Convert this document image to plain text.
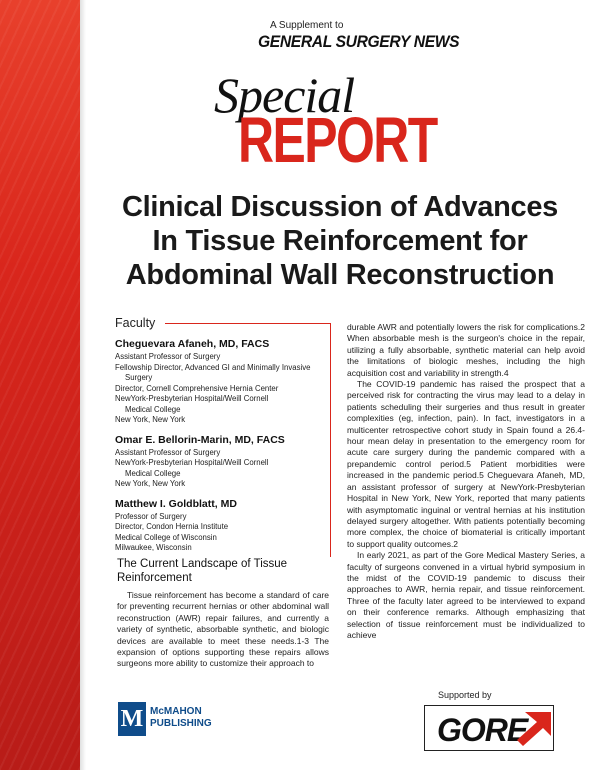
A Supplement to
GENERAL SURGERY NEWS
Special
REPORT
Clinical Discussion of Advances
In Tissue Reinforcement for
Abdominal Wall Reconstruction
Faculty
Cheguevara Afaneh, MD, FACS
Assistant Professor of Surgery
Fellowship Director, Advanced GI and Minimally Invasive
Surgery
Director, Cornell Comprehensive Hernia Center
NewYork-Presbyterian Hospital/Weill Cornell
Medical College
New York, New York
Omar E. Bellorin-Marin, MD, FACS
Assistant Professor of Surgery
NewYork-Presbyterian Hospital/Weill Cornell
Medical College
New York, New York
Matthew I. Goldblatt, MD
Professor of Surgery
Director, Condon Hernia Institute
Medical College of Wisconsin
Milwaukee, Wisconsin
The Current Landscape of Tissue Reinforcement

Tissue reinforcement has become a standard of care for preventing recurrent hernias or other abdominal wall reconstruction (AWR) repair failures, and currently a variety of synthetic, absorbable synthetic, and biologic devices are available to meet these needs.1-3 The expansion of options supporting these repairs allows surgeons more ability to customize their approach to

durable AWR and potentially lowers the risk for complications.2 When absorbable mesh is the surgeon's choice in the repair, utilizing a fully absorbable, synthetic material can help avoid the limitations of biologic meshes, including the high acquisition cost and variability in strength.4

The COVID-19 pandemic has raised the prospect that a perceived risk for contracting the virus may lead to a delay in patients scheduling their surgeries and thus result in greater complexities (eg, infection, pain). In fact, investigators in a multicenter retrospective cohort study in Spain found a 26.4-hour mean delay in presentation to the emergency room for acute care surgery during the pandemic compared with a prepandemic control period.5 Patient morbidities were increased in the pandemic period.5 Cheguevara Afaneh, MD, an assistant professor of surgery at NewYork-Presbyterian Hospital in New York, New York, reported that many patients with asymptomatic inguinal or ventral hernias at his institution delayed surgery altogether. With patients potentially becoming more complex, the choice of biomaterial is critically important to support quality outcomes.2

In early 2021, as part of the Gore Medical Mastery Series, a faculty of surgeons convened in a virtual hybrid symposium in the midst of the COVID-19 pandemic to discuss their approaches to AWR, hernia repair, and tissue reinforcement. Three of the faculty later agreed to be interviewed to expand on their conference remarks. Although emphasizing that selection of tissue reinforcement must be individualized to achieve

M McMAHON
PUBLISHING
Supported by
GORE
